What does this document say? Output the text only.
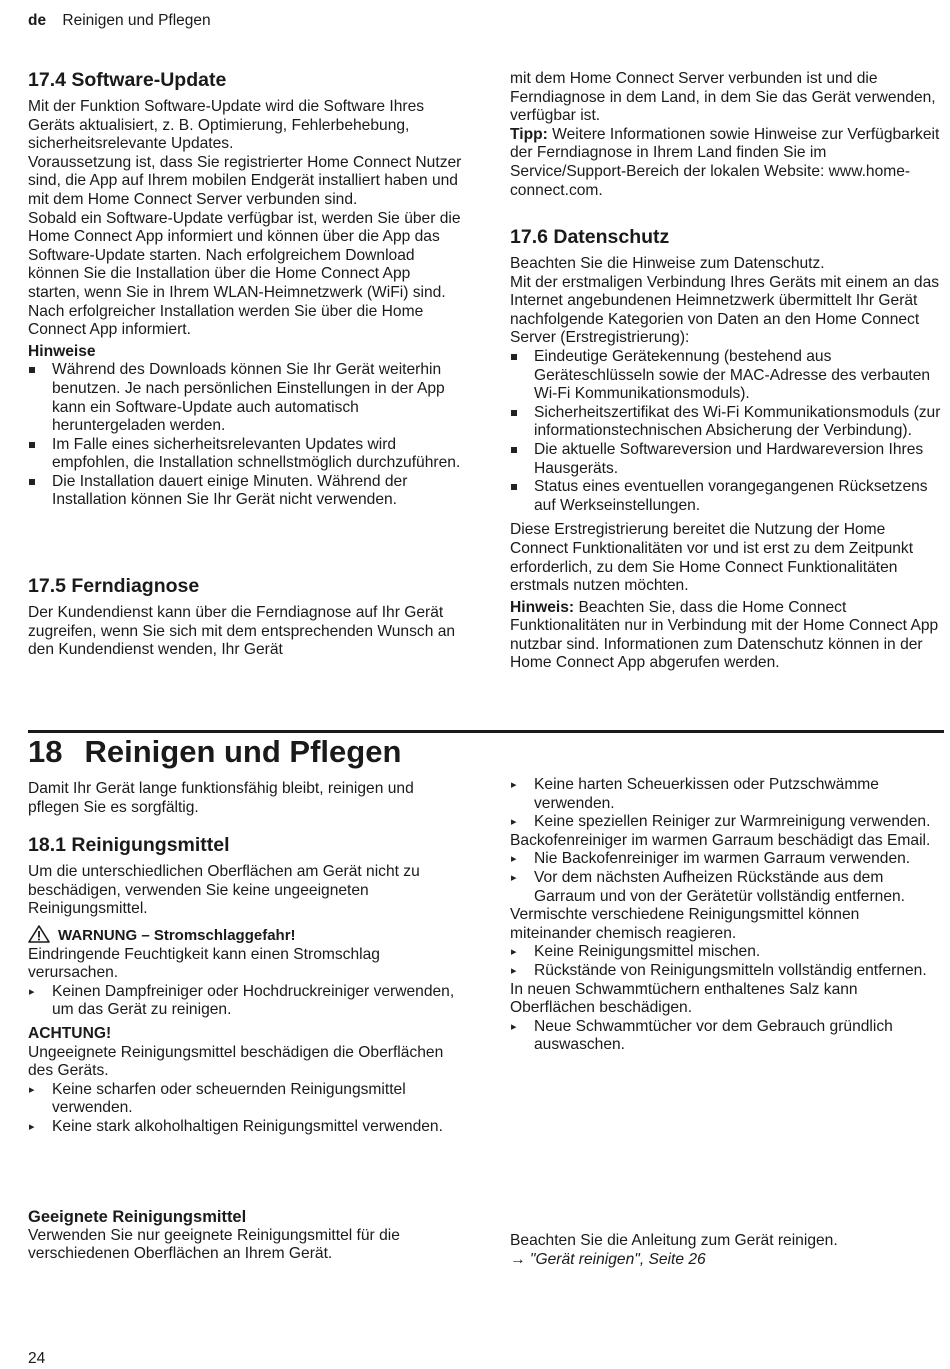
de Reinigen und Pflegen
17.4 Software-Update

Mit der Funktion Software-Update wird die Software Ihres Geräts aktualisiert, z. B. Optimierung, Fehlerbehebung, sicherheitsrelevante Updates.

Voraussetzung ist, dass Sie registrierter Home Connect Nutzer sind, die App auf Ihrem mobilen Endgerät installiert haben und mit dem Home Connect Server verbunden sind.

Sobald ein Software-Update verfügbar ist, werden Sie über die Home Connect App informiert und können über die App das Software-Update starten. Nach erfolgreichem Download können Sie die Installation über die Home Connect App starten, wenn Sie in Ihrem WLAN-Heimnetzwerk (WiFi) sind. Nach erfolgreicher Installation werden Sie über die Home Connect App informiert.

Hinweise

Während des Downloads können Sie Ihr Gerät weiterhin benutzen. Je nach persönlichen Einstellungen in der App kann ein Software-Update auch automatisch heruntergeladen werden.
Im Falle eines sicherheitsrelevanten Updates wird empfohlen, die Installation schnellstmöglich durchzuführen.
Die Installation dauert einige Minuten. Während der Installation können Sie Ihr Gerät nicht verwenden.
17.5 Ferndiagnose

Der Kundendienst kann über die Ferndiagnose auf Ihr Gerät zugreifen, wenn Sie sich mit dem entsprechenden Wunsch an den Kundendienst wenden, Ihr Gerät

mit dem Home Connect Server verbunden ist und die Ferndiagnose in dem Land, in dem Sie das Gerät verwenden, verfügbar ist.

Tipp: Weitere Informationen sowie Hinweise zur Verfügbarkeit der Ferndiagnose in Ihrem Land finden Sie im Service/Support-Bereich der lokalen Website: www.home-connect.com.

17.6 Datenschutz

Beachten Sie die Hinweise zum Datenschutz.

Mit der erstmaligen Verbindung Ihres Geräts mit einem an das Internet angebundenen Heimnetzwerk übermittelt Ihr Gerät nachfolgende Kategorien von Daten an den Home Connect Server (Erstregistrierung):

Eindeutige Gerätekennung (bestehend aus Geräteschlüsseln sowie der MAC-Adresse des verbauten Wi-Fi Kommunikationsmoduls).
Sicherheitszertifikat des Wi-Fi Kommunikationsmoduls (zur informationstechnischen Absicherung der Verbindung).
Die aktuelle Softwareversion und Hardwareversion Ihres Hausgeräts.
Status eines eventuellen vorangegangenen Rücksetzens auf Werkseinstellungen.

Diese Erstregistrierung bereitet die Nutzung der Home Connect Funktionalitäten vor und ist erst zu dem Zeitpunkt erforderlich, zu dem Sie Home Connect Funktionalitäten erstmals nutzen möchten.

Hinweis: Beachten Sie, dass die Home Connect Funktionalitäten nur in Verbindung mit der Home Connect App nutzbar sind. Informationen zum Datenschutz können in der Home Connect App abgerufen werden.

18 Reinigen und Pflegen

Damit Ihr Gerät lange funktionsfähig bleibt, reinigen und pflegen Sie es sorgfältig.

18.1 Reinigungsmittel

Um die unterschiedlichen Oberflächen am Gerät nicht zu beschädigen, verwenden Sie keine ungeeigneten Reinigungsmittel.

WARNUNG – Stromschlaggefahr!

Eindringende Feuchtigkeit kann einen Stromschlag verursachen.

▸ Keinen Dampfreiniger oder Hochdruckreiniger verwenden, um das Gerät zu reinigen.

ACHTUNG!

Ungeeignete Reinigungsmittel beschädigen die Oberflächen des Geräts.

▸ Keine scharfen oder scheuernden Reinigungsmittel verwenden.
▸ Keine stark alkoholhaltigen Reinigungsmittel verwenden.

Geeignete Reinigungsmittel

Verwenden Sie nur geeignete Reinigungsmittel für die verschiedenen Oberflächen an Ihrem Gerät.

▸ Keine harten Scheuerkissen oder Putzschwämme verwenden.
▸ Keine speziellen Reiniger zur Warmreinigung verwenden.

Backofenreiniger im warmen Garraum beschädigt das Email.

▸ Nie Backofenreiniger im warmen Garraum verwenden.
▸ Vor dem nächsten Aufheizen Rückstände aus dem Garraum und von der Gerätetür vollständig entfernen.

Vermischte verschiedene Reinigungsmittel können miteinander chemisch reagieren.

▸ Keine Reinigungsmittel mischen.
▸ Rückstände von Reinigungsmitteln vollständig entfernen.

In neuen Schwammtüchern enthaltenes Salz kann Oberflächen beschädigen.

▸ Neue Schwammtücher vor dem Gebrauch gründlich auswaschen.

Beachten Sie die Anleitung zum Gerät reinigen.

→ "Gerät reinigen", Seite 26

24
